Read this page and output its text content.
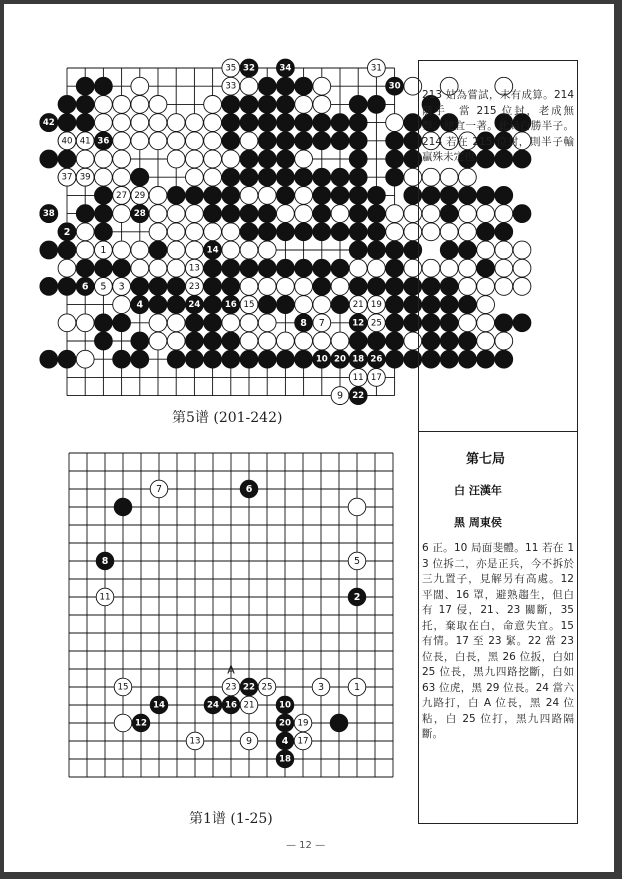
35 32	34	31
33	30
42
40 41 36
37 39
27 29
38	28
2
1	14
13
6 5 3	23
4	24	16 15	21 19
8 7	12 25
10 20 18 26
11 17
9 22
第5谱 (201-242)
213 姑為嘗試，未有成算。214 隨手，當 215 位封，老成無弊，便宜一著。此局白勝半子。214 若在 215 位封，則半子輸贏殊未定也。
第七局
白 汪漢年
黑 周東侯
6 正。10 局面斐體。11 若在 13 位拆二，亦是正兵，今不拆於三九置子，見解另有高處。12 平闊、16 罩，避熟趨生，但白有 17 侵，21、23 關斷，35 托，棄取在白，命意失宜。15 有情。17 至 23 緊。22 當 23 位長，白長，黑 26 位扳，白如 25 位長，黑九四路挖斷，白如 63 位虎，黑 29 位長。24 當六九路打，白 A 位長，黑 24 位粘，白 25 位打，黑九四路隔斷。
7	6
8	5
11	2
15	23 22 25	3	1
14	24 16 21	10
12	20 19
13	9	4 17
18
A
第1谱 (1-25)
— 12 —
